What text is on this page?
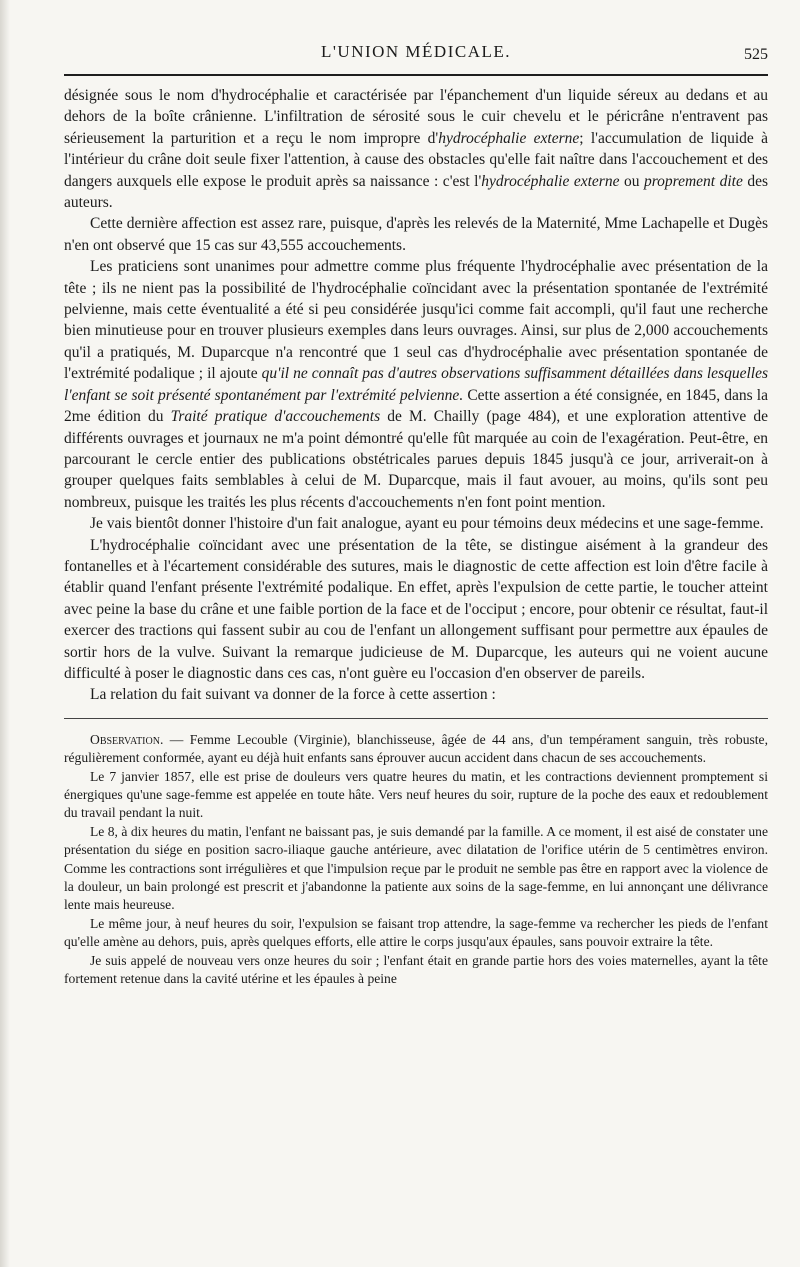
L'UNION MÉDICALE.	525

désignée sous le nom d'hydrocéphalie et caractérisée par l'épanchement d'un liquide séreux au dedans et au dehors de la boîte crânienne. L'infiltration de sérosité sous le cuir chevelu et le péricrâne n'entravent pas sérieusement la parturition et a reçu le nom impropre d'hydrocéphalie externe; l'accumulation de liquide à l'intérieur du crâne doit seule fixer l'attention, à cause des obstacles qu'elle fait naître dans l'accouchement et des dangers auxquels elle expose le produit après sa naissance : c'est l'hydrocéphalie externe ou proprement dite des auteurs.

Cette dernière affection est assez rare, puisque, d'après les relevés de la Maternité, Mme Lachapelle et Dugès n'en ont observé que 15 cas sur 43,555 accouchements.

Les praticiens sont unanimes pour admettre comme plus fréquente l'hydrocéphalie avec présentation de la tête ; ils ne nient pas la possibilité de l'hydrocéphalie coïncidant avec la présentation spontanée de l'extrémité pelvienne, mais cette éventualité a été si peu considérée jusqu'ici comme fait accompli, qu'il faut une recherche bien minutieuse pour en trouver plusieurs exemples dans leurs ouvrages. Ainsi, sur plus de 2,000 accouchements qu'il a pratiqués, M. Duparcque n'a rencontré que 1 seul cas d'hydrocéphalie avec présentation spontanée de l'extrémité podalique ; il ajoute qu'il ne connaît pas d'autres observations suffisamment détaillées dans lesquelles l'enfant se soit présenté spontanément par l'extrémité pelvienne. Cette assertion a été consignée, en 1845, dans la 2me édition du Traité pratique d'accouchements de M. Chailly (page 484), et une exploration attentive de différents ouvrages et journaux ne m'a point démontré qu'elle fût marquée au coin de l'exagération. Peut-être, en parcourant le cercle entier des publications obstétricales parues depuis 1845 jusqu'à ce jour, arriverait-on à grouper quelques faits semblables à celui de M. Duparcque, mais il faut avouer, au moins, qu'ils sont peu nombreux, puisque les traités les plus récents d'accouchements n'en font point mention.

Je vais bientôt donner l'histoire d'un fait analogue, ayant eu pour témoins deux médecins et une sage-femme.

L'hydrocéphalie coïncidant avec une présentation de la tête, se distingue aisément à la grandeur des fontanelles et à l'écartement considérable des sutures, mais le diagnostic de cette affection est loin d'être facile à établir quand l'enfant présente l'extrémité podalique. En effet, après l'expulsion de cette partie, le toucher atteint avec peine la base du crâne et une faible portion de la face et de l'occiput ; encore, pour obtenir ce résultat, faut-il exercer des tractions qui fassent subir au cou de l'enfant un allongement suffisant pour permettre aux épaules de sortir hors de la vulve. Suivant la remarque judicieuse de M. Duparcque, les auteurs qui ne voient aucune difficulté à poser le diagnostic dans ces cas, n'ont guère eu l'occasion d'en observer de pareils.

La relation du fait suivant va donner de la force à cette assertion :

Observation. — Femme Lecouble (Virginie), blanchisseuse, âgée de 44 ans, d'un tempérament sanguin, très robuste, régulièrement conformée, ayant eu déjà huit enfants sans éprouver aucun accident dans chacun de ses accouchements.

Le 7 janvier 1857, elle est prise de douleurs vers quatre heures du matin, et les contractions deviennent promptement si énergiques qu'une sage-femme est appelée en toute hâte. Vers neuf heures du soir, rupture de la poche des eaux et redoublement du travail pendant la nuit.

Le 8, à dix heures du matin, l'enfant ne baissant pas, je suis demandé par la famille. A ce moment, il est aisé de constater une présentation du siége en position sacro-iliaque gauche antérieure, avec dilatation de l'orifice utérin de 5 centimètres environ. Comme les contractions sont irrégulières et que l'impulsion reçue par le produit ne semble pas être en rapport avec la violence de la douleur, un bain prolongé est prescrit et j'abandonne la patiente aux soins de la sage-femme, en lui annonçant une délivrance lente mais heureuse.

Le même jour, à neuf heures du soir, l'expulsion se faisant trop attendre, la sage-femme va rechercher les pieds de l'enfant qu'elle amène au dehors, puis, après quelques efforts, elle attire le corps jusqu'aux épaules, sans pouvoir extraire la tête.

Je suis appelé de nouveau vers onze heures du soir ; l'enfant était en grande partie hors des voies maternelles, ayant la tête fortement retenue dans la cavité utérine et les épaules à peine
